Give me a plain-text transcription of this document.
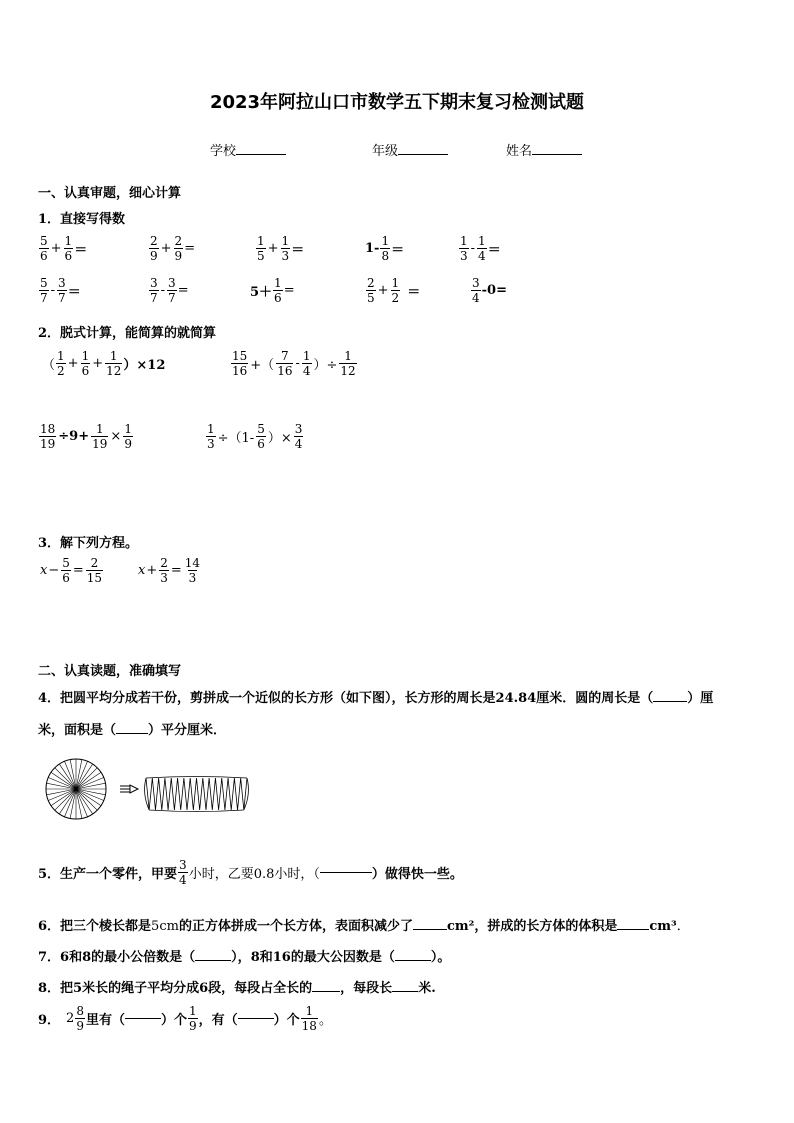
2023年阿拉山口市数学五下期末复习检测试题
学校	年级	姓名
一、认真审题，细心计算
1．直接写得数
$\frac{5}{6} + \frac{1}{6}$ ＝	$\frac{2}{9} + \frac{2}{9}$ =	$\frac{1}{5} + \frac{1}{3}$ ＝	$1- \frac{1}{8}$ ＝	$\frac{1}{3} - \frac{1}{4}$ ＝
$\frac{5}{7} - \frac{3}{7}$ ＝	$\frac{3}{7} - \frac{3}{7}$ =	$5+ \frac{1}{6}$ =	$\frac{2}{5} + \frac{1}{2}$ ＝	$\frac{3}{4} -0=$
2．脱式计算，能简算的就简算
（ $\frac{1}{2} + \frac{1}{6} + \frac{1}{12} )\times 12$	$\frac{15}{16}$ +（ $\frac{7}{16} - \frac{1}{4}$ ）÷ $\frac{1}{12}$
$\frac{18}{19} \div 9+ \frac{1}{19} \times \frac{1}{9}$	$\frac{1}{3} \div(1- \frac{5}{6}$ ）× $\frac{3}{4}$
3．解下列方程。
$x - \frac{5}{6} = \frac{2}{15}$	$x + \frac{2}{3} = \frac{14}{3}$
二、认真读题，准确填写
4．把圆平均分成若干份，剪拼成一个近似的长方形（如下图），长方形的周长是24.84厘米．圆的周长是（	）厘
米，面积是（ ）平分厘米．
5．生产一个零件，甲要 $\frac{3}{4}$ 小时，乙要0.8小时，（	）做得快一些。
6．把三个棱长都是5cm的正方体拼成一个长方体，表面积减少了	cm²，拼成的长方体的体积是 cm³．
7．6和8的最小公倍数是（	），8和16的最大公因数是（	）。
8．把5米长的绳子平均分成6段，每段占全长的 ，每段长 米.
9． $2 \frac{8}{9}$ 里有（	）个 $\frac{1}{9}$ ，有（	）个 $\frac{1}{18}$ 。
